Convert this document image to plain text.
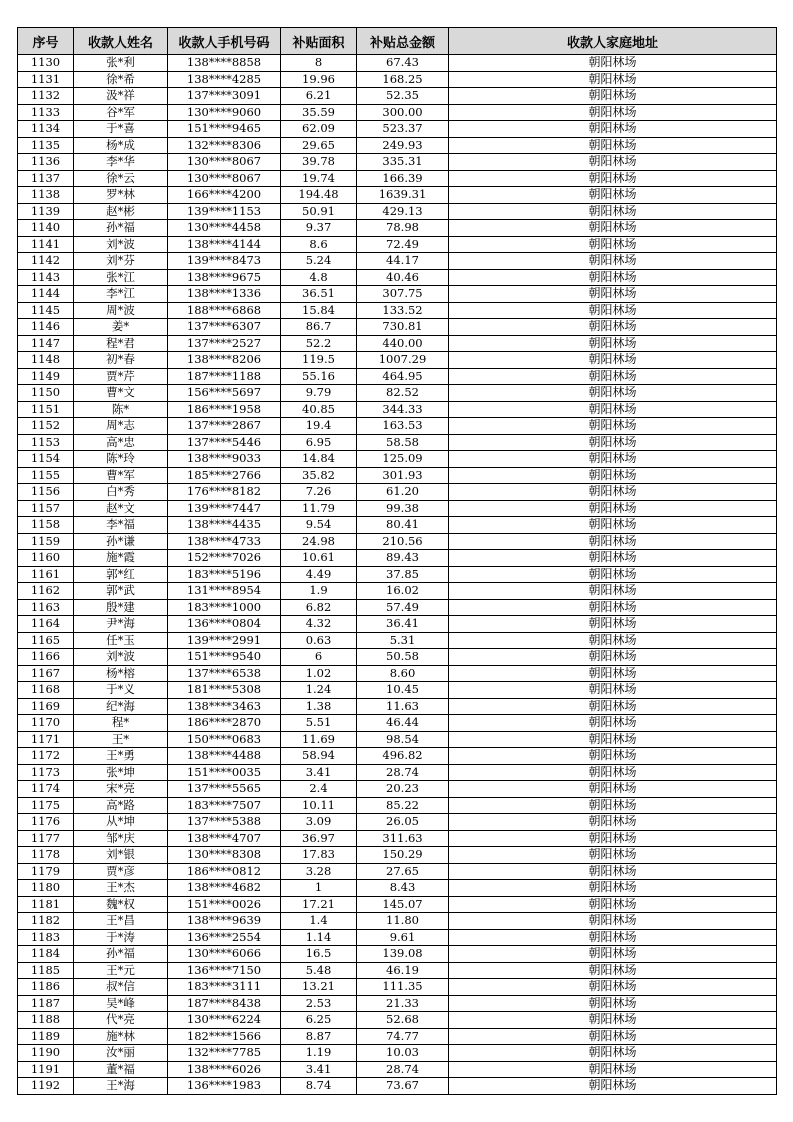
序号	收款人姓名	收款人手机号码	补贴面积	补贴总金额	收款人家庭地址
1130	张*利	138****8858	8	67.43	朝阳林场
1131	徐*希	138****4285	19.96	168.25	朝阳林场
1132	汲*祥	137****3091	6.21	52.35	朝阳林场
1133	谷*军	130****9060	35.59	300.00	朝阳林场
1134	于*喜	151****9465	62.09	523.37	朝阳林场
1135	杨*成	132****8306	29.65	249.93	朝阳林场
1136	李*华	130****8067	39.78	335.31	朝阳林场
1137	徐*云	130****8067	19.74	166.39	朝阳林场
1138	罗*林	166****4200	194.48	1639.31	朝阳林场
1139	赵*彬	139****1153	50.91	429.13	朝阳林场
1140	孙*福	130****4458	9.37	78.98	朝阳林场
1141	刘*波	138****4144	8.6	72.49	朝阳林场
1142	刘*芬	139****8473	5.24	44.17	朝阳林场
1143	张*江	138****9675	4.8	40.46	朝阳林场
1144	李*江	138****1336	36.51	307.75	朝阳林场
1145	周*波	188****6868	15.84	133.52	朝阳林场
1146	姜*	137****6307	86.7	730.81	朝阳林场
1147	程*君	137****2527	52.2	440.00	朝阳林场
1148	初*春	138****8206	119.5	1007.29	朝阳林场
1149	贾*芹	187****1188	55.16	464.95	朝阳林场
1150	曹*文	156****5697	9.79	82.52	朝阳林场
1151	陈*	186****1958	40.85	344.33	朝阳林场
1152	周*志	137****2867	19.4	163.53	朝阳林场
1153	高*忠	137****5446	6.95	58.58	朝阳林场
1154	陈*玲	138****9033	14.84	125.09	朝阳林场
1155	曹*军	185****2766	35.82	301.93	朝阳林场
1156	白*秀	176****8182	7.26	61.20	朝阳林场
1157	赵*文	139****7447	11.79	99.38	朝阳林场
1158	李*福	138****4435	9.54	80.41	朝阳林场
1159	孙*谦	138****4733	24.98	210.56	朝阳林场
1160	施*霞	152****7026	10.61	89.43	朝阳林场
1161	郭*红	183****5196	4.49	37.85	朝阳林场
1162	郭*武	131****8954	1.9	16.02	朝阳林场
1163	殷*建	183****1000	6.82	57.49	朝阳林场
1164	尹*海	136****0804	4.32	36.41	朝阳林场
1165	任*玉	139****2991	0.63	5.31	朝阳林场
1166	刘*波	151****9540	6	50.58	朝阳林场
1167	杨*榕	137****6538	1.02	8.60	朝阳林场
1168	于*义	181****5308	1.24	10.45	朝阳林场
1169	纪*海	138****3463	1.38	11.63	朝阳林场
1170	程*	186****2870	5.51	46.44	朝阳林场
1171	王*	150****0683	11.69	98.54	朝阳林场
1172	王*勇	138****4488	58.94	496.82	朝阳林场
1173	张*坤	151****0035	3.41	28.74	朝阳林场
1174	宋*亮	137****5565	2.4	20.23	朝阳林场
1175	高*路	183****7507	10.11	85.22	朝阳林场
1176	从*坤	137****5388	3.09	26.05	朝阳林场
1177	邹*庆	138****4707	36.97	311.63	朝阳林场
1178	刘*银	130****8308	17.83	150.29	朝阳林场
1179	贾*彦	186****0812	3.28	27.65	朝阳林场
1180	王*杰	138****4682	1	8.43	朝阳林场
1181	魏*权	151****0026	17.21	145.07	朝阳林场
1182	王*昌	138****9639	1.4	11.80	朝阳林场
1183	于*涛	136****2554	1.14	9.61	朝阳林场
1184	孙*福	130****6066	16.5	139.08	朝阳林场
1185	王*元	136****7150	5.48	46.19	朝阳林场
1186	叔*信	183****3111	13.21	111.35	朝阳林场
1187	吴*峰	187****8438	2.53	21.33	朝阳林场
1188	代*亮	130****6224	6.25	52.68	朝阳林场
1189	施*林	182****1566	8.87	74.77	朝阳林场
1190	汝*丽	132****7785	1.19	10.03	朝阳林场
1191	董*福	138****6026	3.41	28.74	朝阳林场
1192	王*海	136****1983	8.74	73.67	朝阳林场
